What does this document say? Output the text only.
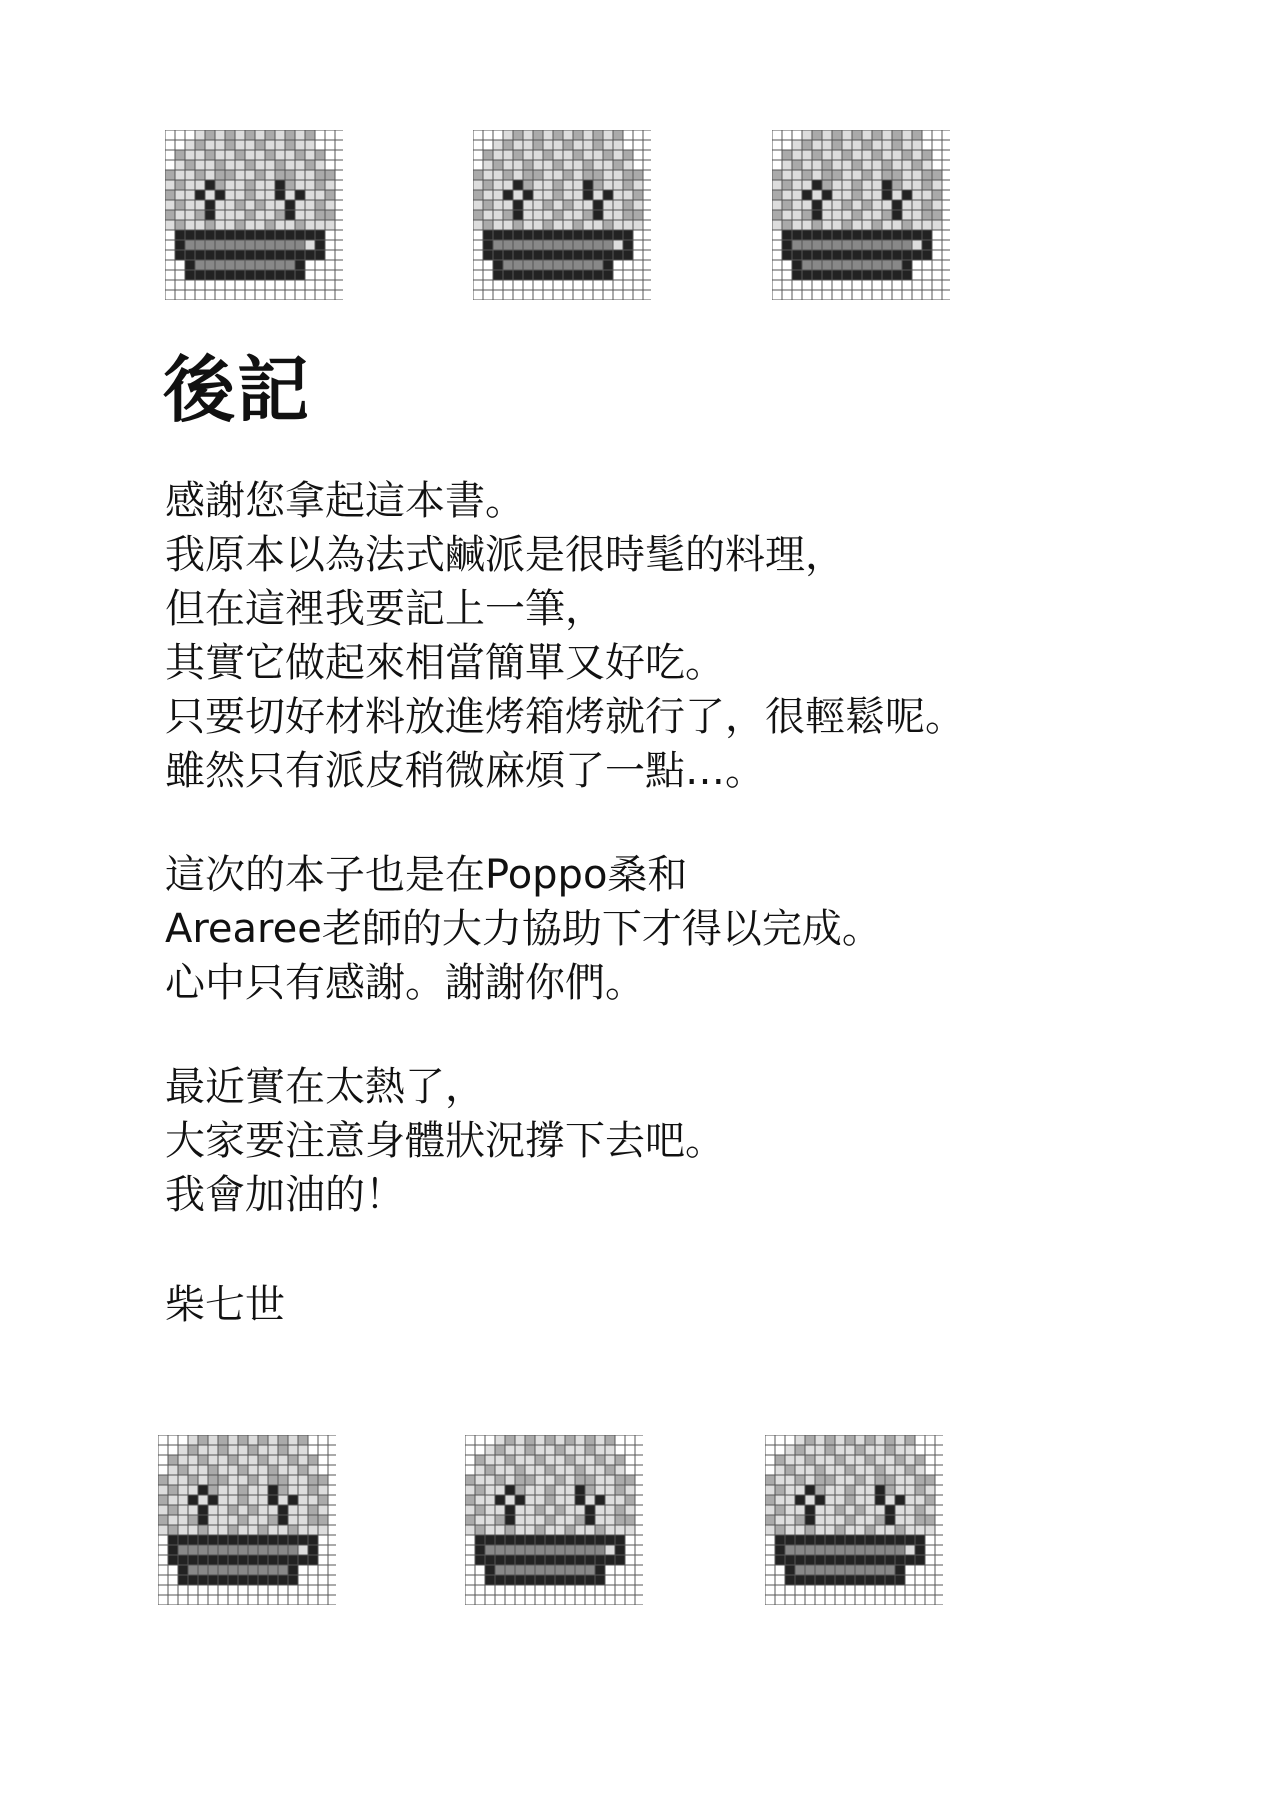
後記
感謝您拿起這本書。
我原本以為法式鹹派是很時髦的料理，
但在這裡我要記上一筆，
其實它做起來相當簡單又好吃。
只要切好材料放進烤箱烤就行了，很輕鬆呢。
雖然只有派皮稍微麻煩了一點…。
這次的本子也是在Poppo桑和
Arearee老師的大力協助下才得以完成。
心中只有感謝。謝謝你們。
最近實在太熱了，
大家要注意身體狀況撐下去吧。
我會加油的！
柴七世
